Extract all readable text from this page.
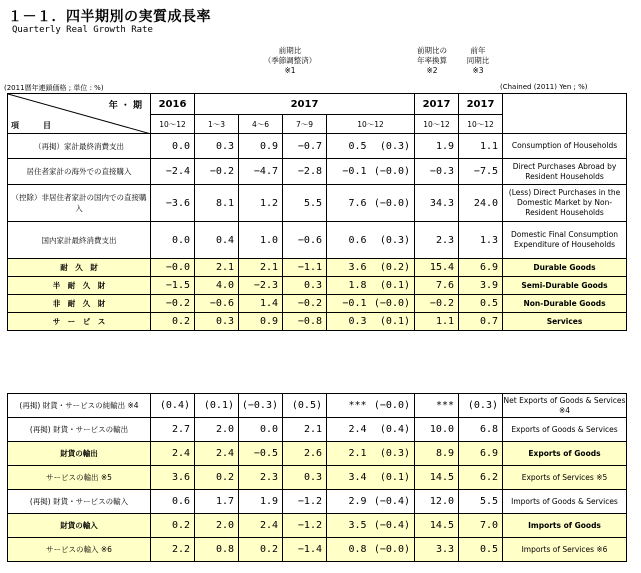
１－１．四半期別の実質成長率
Quarterly Real Growth Rate
前期比
（季節調整済）
※1
前期比の
年率換算
※2
前年
同期比
※3
(2011暦年連鎖価格 ; 単位 : %)	(Chained (2011) Yen ; %)
年 ・ 期
項　　　目	2016	2017					2017	2017	
	10～12	1～3	4～6	7～9	10～12		10～12	10～12	
（再掲）家計最終消費支出	0.0	0.3	0.9	−0.7	0.5	(0.3)	1.9	1.1	Consumption of Households
居住者家計の海外での直接購入	−2.4	−0.2	−4.7	−2.8	−0.1	(−0.0)	−0.3	−7.5	Direct Purchases Abroad by Resident Households
（控除）非居住者家計の国内での直接購入	−3.6	8.1	1.2	5.5	7.6	(−0.0)	34.3	24.0	(Less) Direct Purchases in the Domestic Market by Non-Resident Households
国内家計最終消費支出	0.0	0.4	1.0	−0.6	0.6	(0.3)	2.3	1.3	Domestic Final Consumption Expenditure of Households
耐　久　財	−0.0	2.1	2.1	−1.1	3.6	(0.2)	15.4	6.9	Durable Goods
半　耐　久　財	−1.5	4.0	−2.3	0.3	1.8	(0.1)	7.6	3.9	Semi-Durable Goods
非　耐　久　財	−0.2	−0.6	1.4	−0.2	−0.1	(−0.0)	−0.2	0.5	Non-Durable Goods
サ　ー　ビ　ス	0.2	0.3	0.9	−0.8	0.3	(0.1)	1.1	0.7	Services
(再掲) 財貨・サービスの純輸出 ※4	(0.4)	(0.1)	(−0.3)	(0.5)	***	(−0.0)	***	(0.3)	Net Exports of Goods & Services ※4
(再掲) 財貨・サービスの輸出	2.7	2.0	0.0	2.1	2.4	(0.4)	10.0	6.8	Exports of Goods & Services
財貨の輸出	2.4	2.4	−0.5	2.6	2.1	(0.3)	8.9	6.9	Exports of Goods
サービスの輸出 ※5	3.6	0.2	2.3	0.3	3.4	(0.1)	14.5	6.2	Exports of Services ※5
(再掲) 財貨・サービスの輸入	0.6	1.7	1.9	−1.2	2.9	(−0.4)	12.0	5.5	Imports of Goods & Services
財貨の輸入	0.2	2.0	2.4	−1.2	3.5	(−0.4)	14.5	7.0	Imports of Goods
サービスの輸入 ※6	2.2	0.8	0.2	−1.4	0.8	(−0.0)	3.3	0.5	Imports of Services ※6
